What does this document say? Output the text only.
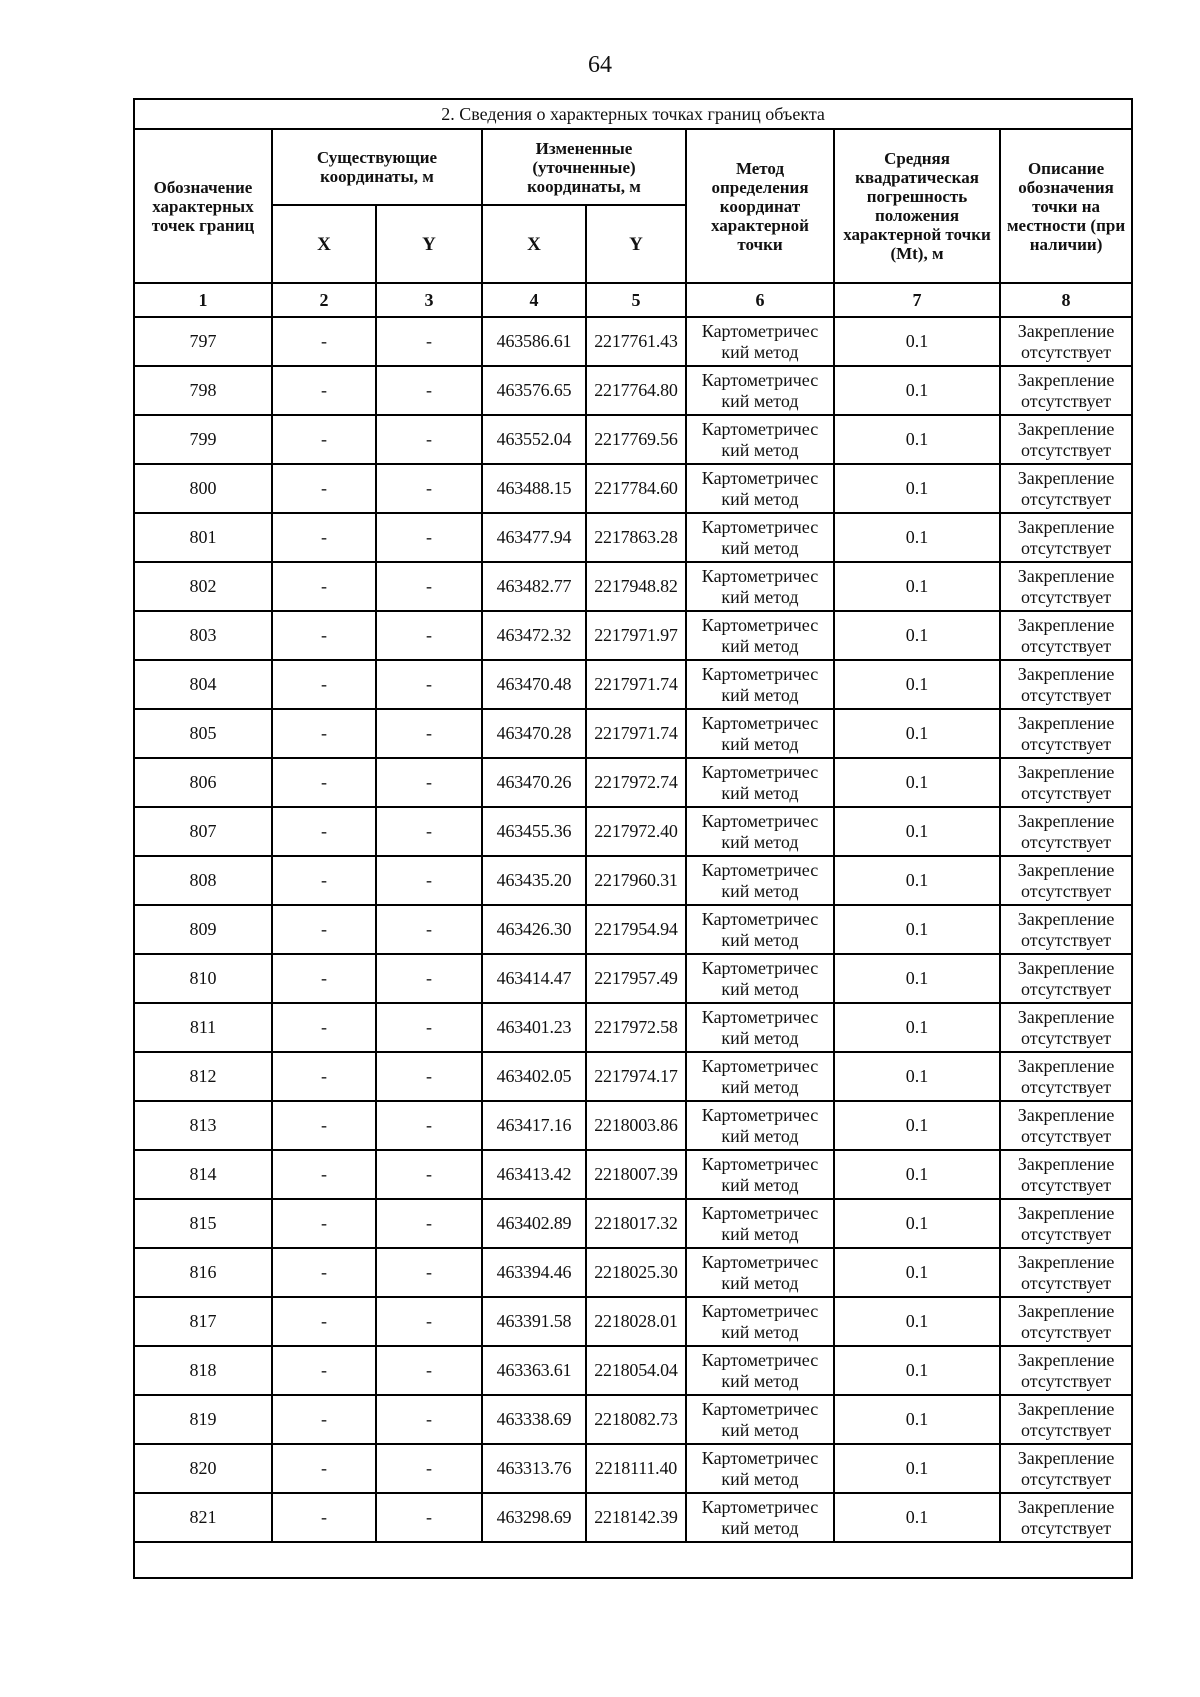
64
2. Сведения о характерных точках границ объекта							
Обозначение характерных точек границ	Существующие координаты, м		Измененные (уточненные) координаты, м		Метод определения координат характерной точки	Средняя квадратическая погрешность положения характерной точки (Mt), м	Описание обозначения точки на местности (при наличии)
	X	Y	X	Y			
1	2	3	4	5	6	7	8
797	-	-	463586.61	2217761.43	Картометричес кий метод	0.1	Закрепление отсутствует
798	-	-	463576.65	2217764.80	Картометричес кий метод	0.1	Закрепление отсутствует
799	-	-	463552.04	2217769.56	Картометричес кий метод	0.1	Закрепление отсутствует
800	-	-	463488.15	2217784.60	Картометричес кий метод	0.1	Закрепление отсутствует
801	-	-	463477.94	2217863.28	Картометричес кий метод	0.1	Закрепление отсутствует
802	-	-	463482.77	2217948.82	Картометричес кий метод	0.1	Закрепление отсутствует
803	-	-	463472.32	2217971.97	Картометричес кий метод	0.1	Закрепление отсутствует
804	-	-	463470.48	2217971.74	Картометричес кий метод	0.1	Закрепление отсутствует
805	-	-	463470.28	2217971.74	Картометричес кий метод	0.1	Закрепление отсутствует
806	-	-	463470.26	2217972.74	Картометричес кий метод	0.1	Закрепление отсутствует
807	-	-	463455.36	2217972.40	Картометричес кий метод	0.1	Закрепление отсутствует
808	-	-	463435.20	2217960.31	Картометричес кий метод	0.1	Закрепление отсутствует
809	-	-	463426.30	2217954.94	Картометричес кий метод	0.1	Закрепление отсутствует
810	-	-	463414.47	2217957.49	Картометричес кий метод	0.1	Закрепление отсутствует
811	-	-	463401.23	2217972.58	Картометричес кий метод	0.1	Закрепление отсутствует
812	-	-	463402.05	2217974.17	Картометричес кий метод	0.1	Закрепление отсутствует
813	-	-	463417.16	2218003.86	Картометричес кий метод	0.1	Закрепление отсутствует
814	-	-	463413.42	2218007.39	Картометричес кий метод	0.1	Закрепление отсутствует
815	-	-	463402.89	2218017.32	Картометричес кий метод	0.1	Закрепление отсутствует
816	-	-	463394.46	2218025.30	Картометричес кий метод	0.1	Закрепление отсутствует
817	-	-	463391.58	2218028.01	Картометричес кий метод	0.1	Закрепление отсутствует
818	-	-	463363.61	2218054.04	Картометричес кий метод	0.1	Закрепление отсутствует
819	-	-	463338.69	2218082.73	Картометричес кий метод	0.1	Закрепление отсутствует
820	-	-	463313.76	2218111.40	Картометричес кий метод	0.1	Закрепление отсутствует
821	-	-	463298.69	2218142.39	Картометричес кий метод	0.1	Закрепление отсутствует
